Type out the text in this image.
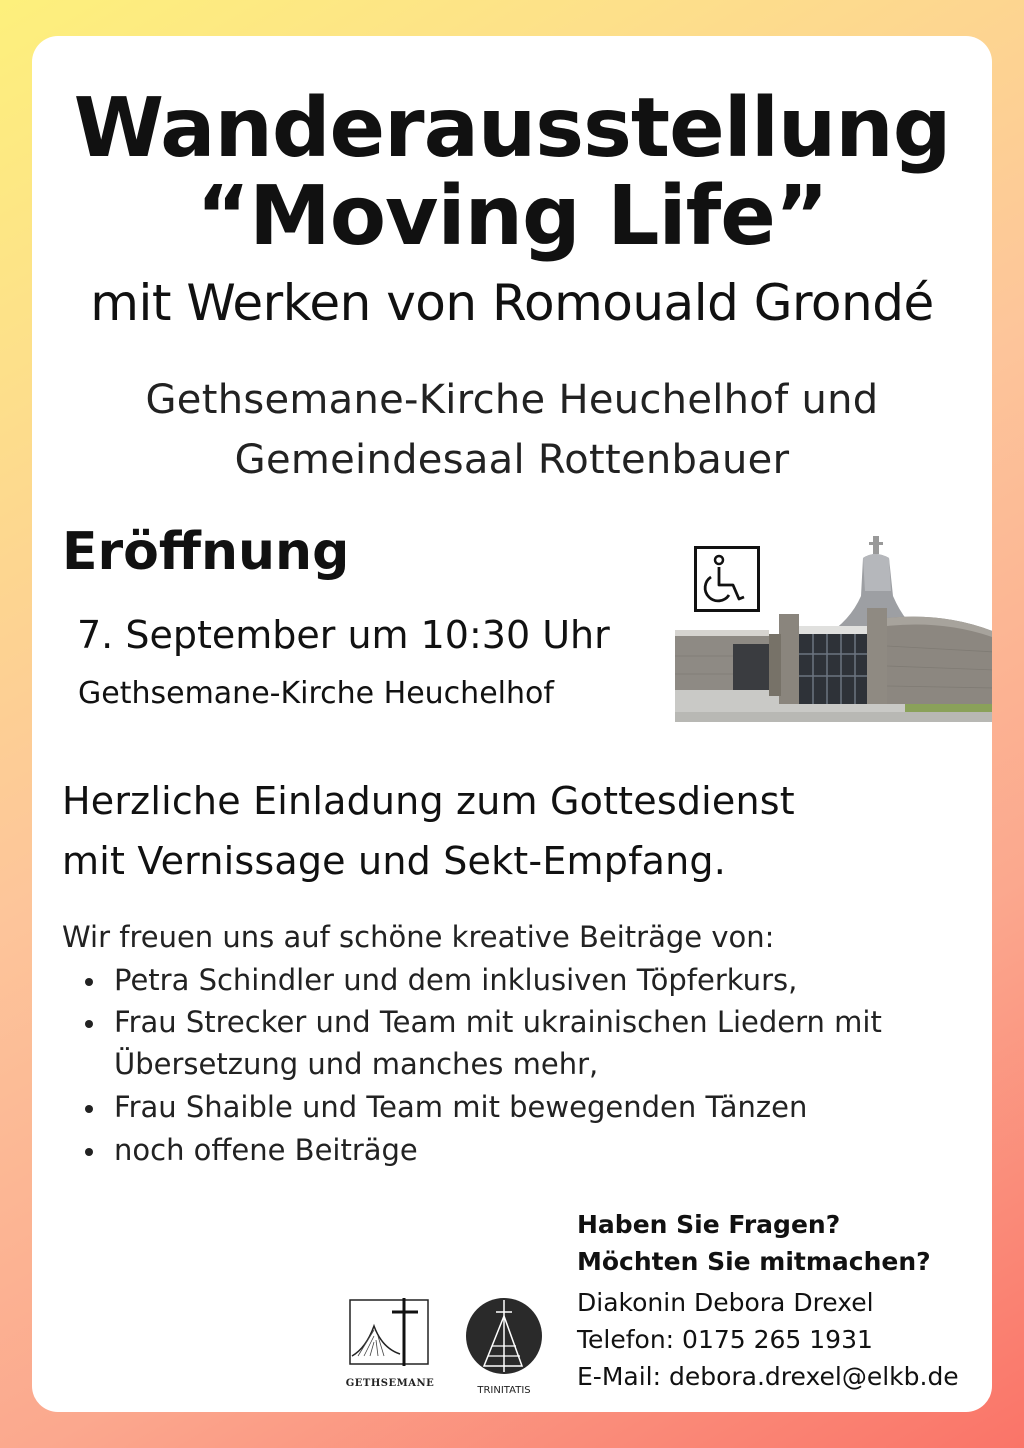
Wanderausstellung
“Moving Life”
mit Werken von Romouald Grondé
Gethsemane-Kirche Heuchelhof und
Gemeindesaal Rottenbauer
Eröffnung
7. September um 10:30 Uhr
Gethsemane-Kirche Heuchelhof
Herzliche Einladung zum Gottesdienst
mit Vernissage und Sekt-Empfang.
Wir freuen uns auf schöne kreative Beiträge von:
Petra Schindler und dem inklusiven Töpferkurs,
Frau Strecker und Team mit ukrainischen Liedern mit
Übersetzung und manches mehr,
Frau Shaible und Team mit bewegenden Tänzen
noch offene Beiträge
GETHSEMANE
TRINITATIS
Haben Sie Fragen?
Möchten Sie mitmachen?
Diakonin Debora Drexel
Telefon: 0175 265 1931
E-Mail: debora.drexel@elkb.de
